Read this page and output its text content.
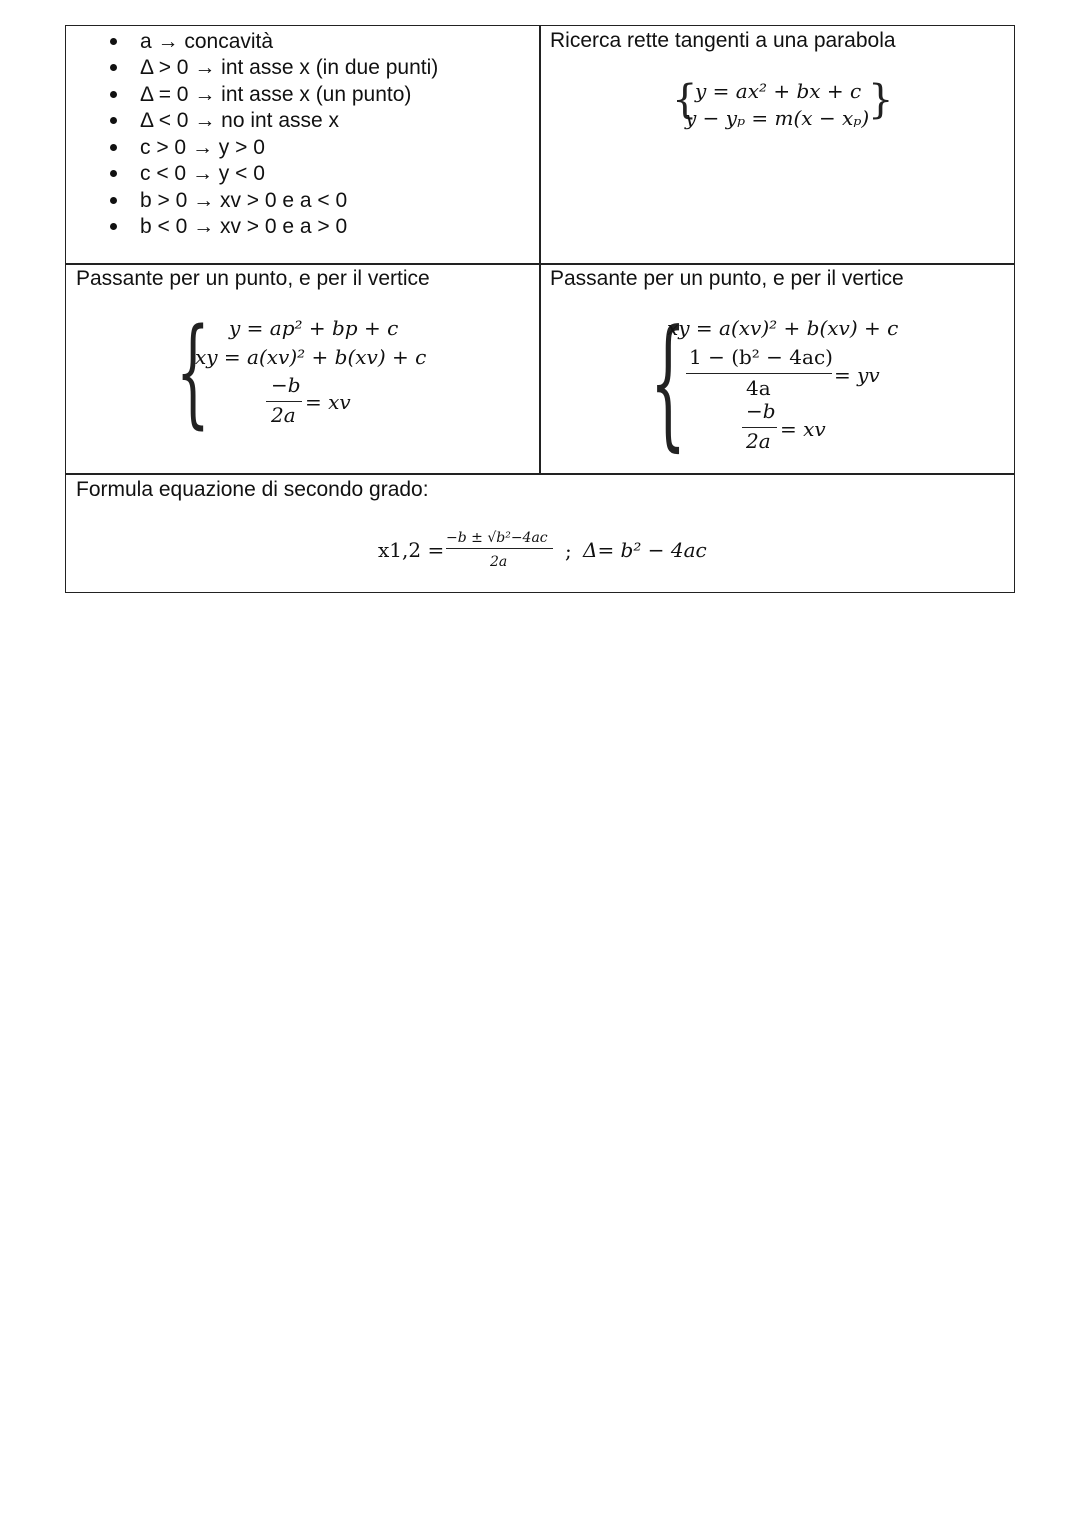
a → concavità
Δ > 0 → int asse x (in due punti)
Δ = 0 → int asse x (un punto)
Δ < 0 → no int asse x
c > 0 → y > 0
c < 0 → y < 0
b > 0 → xv > 0 e a < 0
b < 0 → xv > 0 e a > 0
Ricerca rette tangenti a una parabola
{
y = ax² + bx + c
y − yₚ = m(x − xₚ)
}
Passante per un punto, e per il vertice
{ y = ap² + bp + c
xy = a(xv)² + b(xv) + c
−b
2a
= xv
Passante per un punto, e per il vertice
{
xy = a(xv)² + b(xv) + c
1 − (b² − 4ac)
4a
= yv
−b
2a = xv
Formula equazione di secondo grado:
x1,2 = −b ± √b²−4ac
2a	; Δ= b² − 4ac
